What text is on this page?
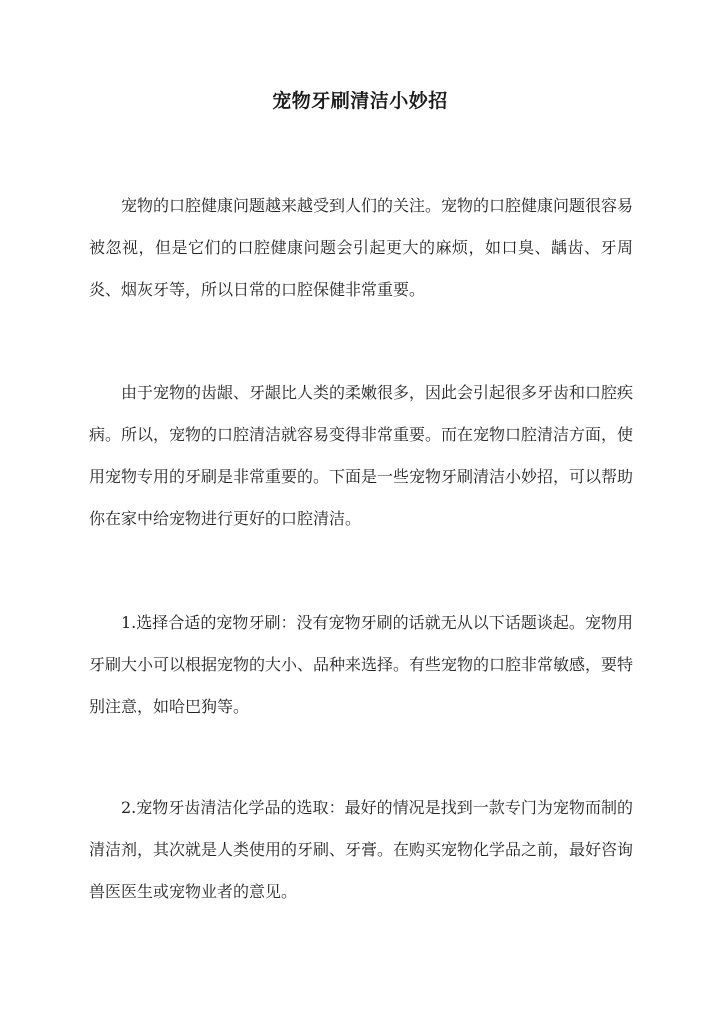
宠物牙刷清洁小妙招

宠物的口腔健康问题越来越受到人们的关注。宠物的口腔健康问题很容易被忽视，但是它们的口腔健康问题会引起更大的麻烦，如口臭、龋齿、牙周炎、烟灰牙等，所以日常的口腔保健非常重要。

由于宠物的齿龈、牙龈比人类的柔嫩很多，因此会引起很多牙齿和口腔疾病。所以，宠物的口腔清洁就容易变得非常重要。而在宠物口腔清洁方面，使用宠物专用的牙刷是非常重要的。下面是一些宠物牙刷清洁小妙招，可以帮助你在家中给宠物进行更好的口腔清洁。

1.选择合适的宠物牙刷：没有宠物牙刷的话就无从以下话题谈起。宠物用牙刷大小可以根据宠物的大小、品种来选择。有些宠物的口腔非常敏感，要特别注意，如哈巴狗等。

2.宠物牙齿清洁化学品的选取：最好的情况是找到一款专门为宠物而制的清洁剂，其次就是人类使用的牙刷、牙膏。在购买宠物化学品之前，最好咨询兽医医生或宠物业者的意见。
